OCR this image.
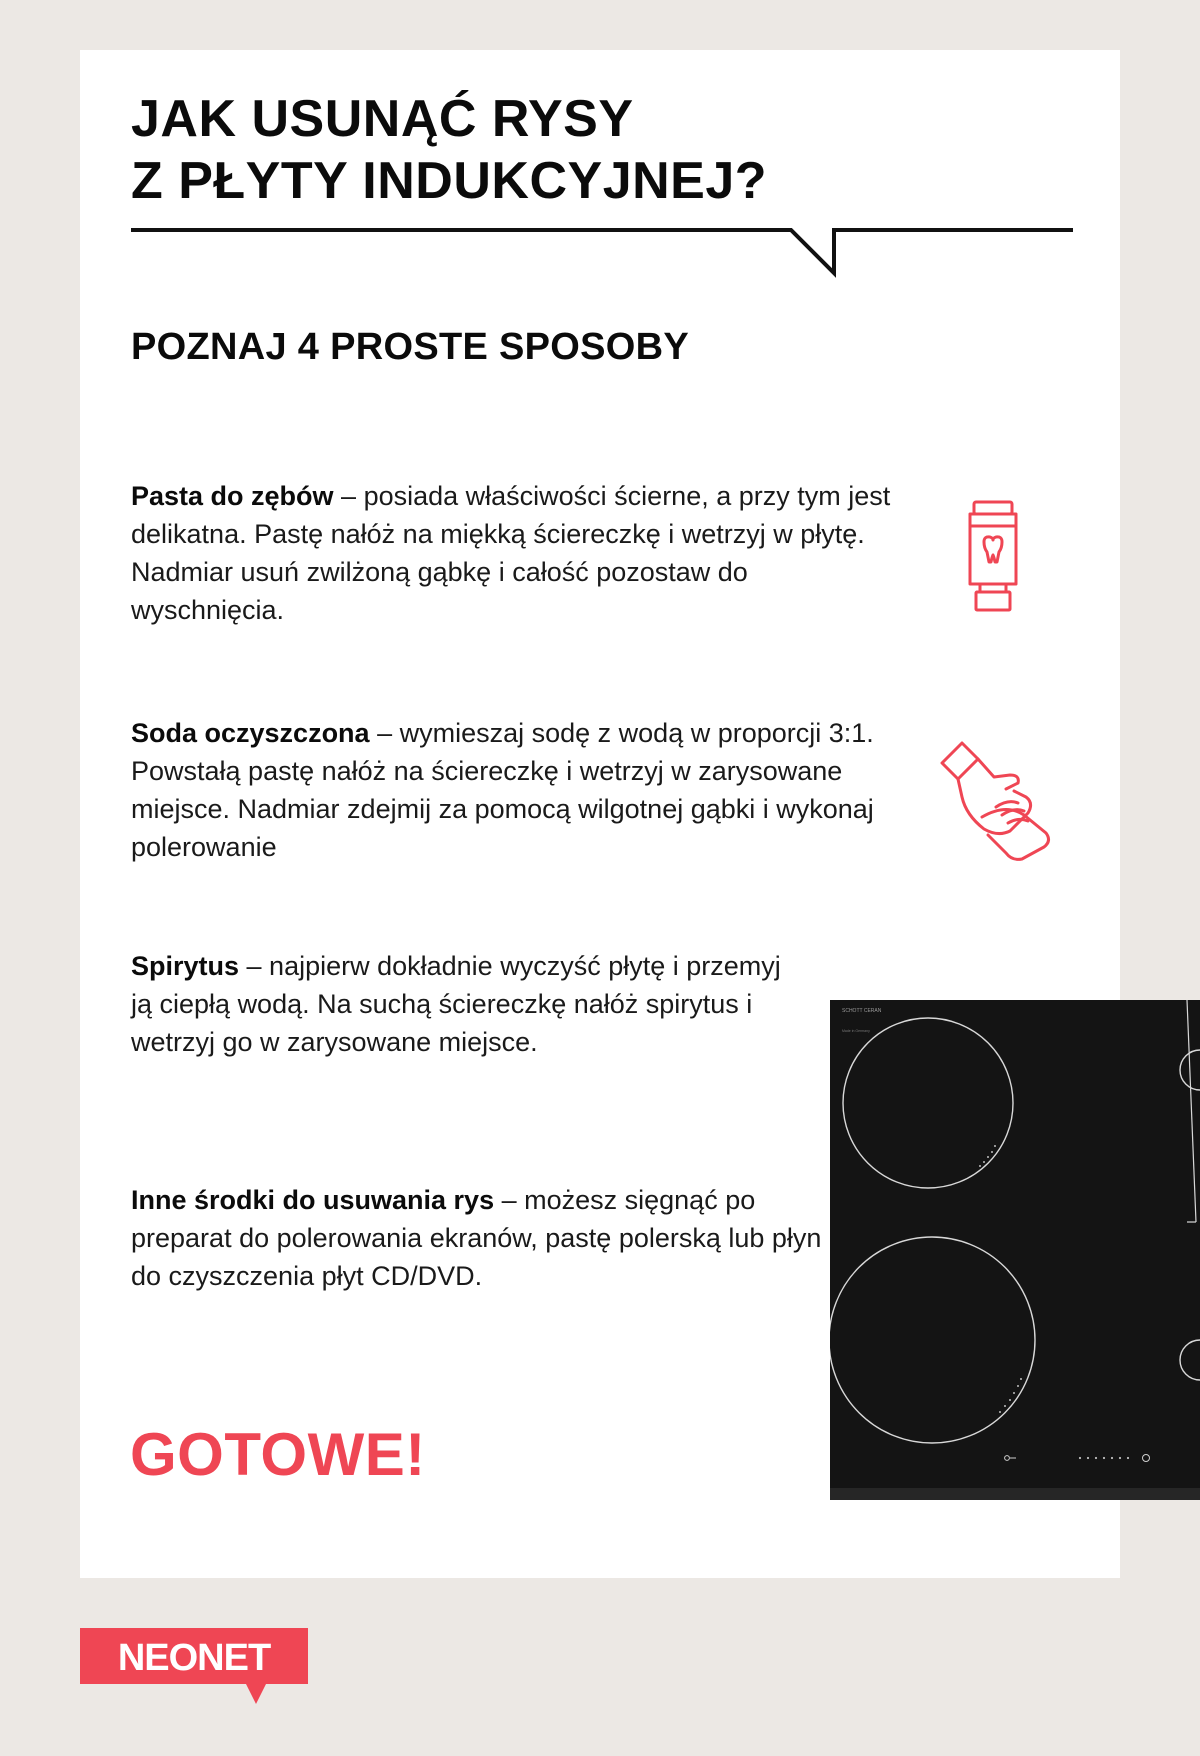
JAK USUNĄĆ RYSY
Z PŁYTY INDUKCYJNEJ?
POZNAJ 4 PROSTE SPOSOBY

Pasta do zębów – posiada właściwości ścierne, a przy tym jest delikatna. Pastę nałóż na miękką ściereczkę i wetrzyj w płytę. Nadmiar usuń zwilżoną gąbkę i całość pozostaw do wyschnięcia.

Soda oczyszczona – wymieszaj sodę z wodą w proporcji 3:1. Powstałą pastę nałóż na ściereczkę i wetrzyj w zarysowane miejsce. Nadmiar zdejmij za pomocą wilgotnej gąbki i wykonaj polerowanie

Spirytus – najpierw dokładnie wyczyść płytę i przemyj ją ciepłą wodą. Na suchą ściereczkę nałóż spirytus i wetrzyj go w zarysowane miejsce.

Inne środki do usuwania rys – możesz sięgnąć po preparat do polerowania ekranów, pastę polerską lub płyn do czyszczenia płyt CD/DVD.

SCHOTT CERAN
Made in Germany

GOTOWE!

NEONET
